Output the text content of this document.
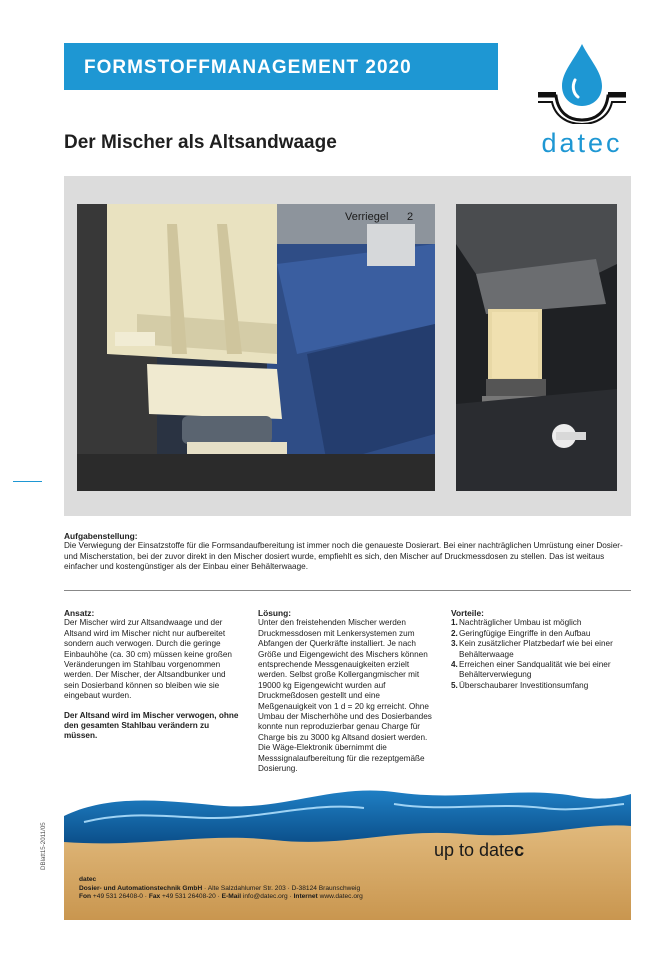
FORMSTOFFMANAGEMENT 2020
datec
Der Mischer als Altsandwaage
Verriegel 2
Aufgabenstellung:
Die Verwiegung der Einsatzstoffe für die Formsandaufbereitung ist immer noch die genaueste Dosierart. Bei einer nachträglichen Umrüstung einer Dosier- und Mischerstation, bei der zuvor direkt in den Mischer dosiert wurde, empfiehlt es sich, den Mischer auf Druckmessdosen zu stellen. Das ist weitaus einfacher und kostengünstiger als der Einbau einer Behälterwaage.
Ansatz:
Der Mischer wird zur Altsandwaage und der Altsand wird im Mischer nicht nur aufbereitet sondern auch verwogen. Durch die geringe Einbauhöhe (ca. 30 cm) müssen keine großen Veränderungen im Stahlbau vorgenommen werden. Der Mischer, der Altsandbunker und sein Dosierband können so bleiben wie sie eingebaut wurden.
Der Altsand wird im Mischer verwogen, ohne den gesamten Stahlbau verändern zu müssen.
Lösung:
Unter den freistehenden Mischer werden Druckmessdosen mit Lenkersystemen zum Abfangen der Querkräfte installiert. Je nach Größe und Eigengewicht des Mischers können entsprechende Messgenauigkeiten erzielt werden. Selbst große Kollergangmischer mit 19000 kg Eigengewicht wurden auf Druckmeßdosen gestellt und eine Meßgenauigkeit von 1 d = 20 kg erreicht. Ohne Umbau der Mischerhöhe und des Dosierbandes konnte nun reproduzierbar genau Charge für Charge bis zu 3000 kg Altsand dosiert werden. Die Wäge-Elektronik übernimmt die Messsignalaufbereitung für die rezeptgemäße Dosierung.
Vorteile:
1. Nachträglicher Umbau ist möglich
2. Geringfügige Eingriffe in den Aufbau
3. Kein zusätzlicher Platzbedarf wie bei einer Behälterwaage
4. Erreichen einer Sandqualität wie bei einer Behälterverwiegung
5. Überschaubarer Investitionsumfang
DBlatt15-2011/05	up to datec
datec
Dosier- und Automationstechnik GmbH · Alte Salzdahlumer Str. 203 · D-38124 Braunschweig
Fon +49 531 26408-0 · Fax +49 531 26408-20 · E-Mail info@datec.org · Internet www.datec.org
